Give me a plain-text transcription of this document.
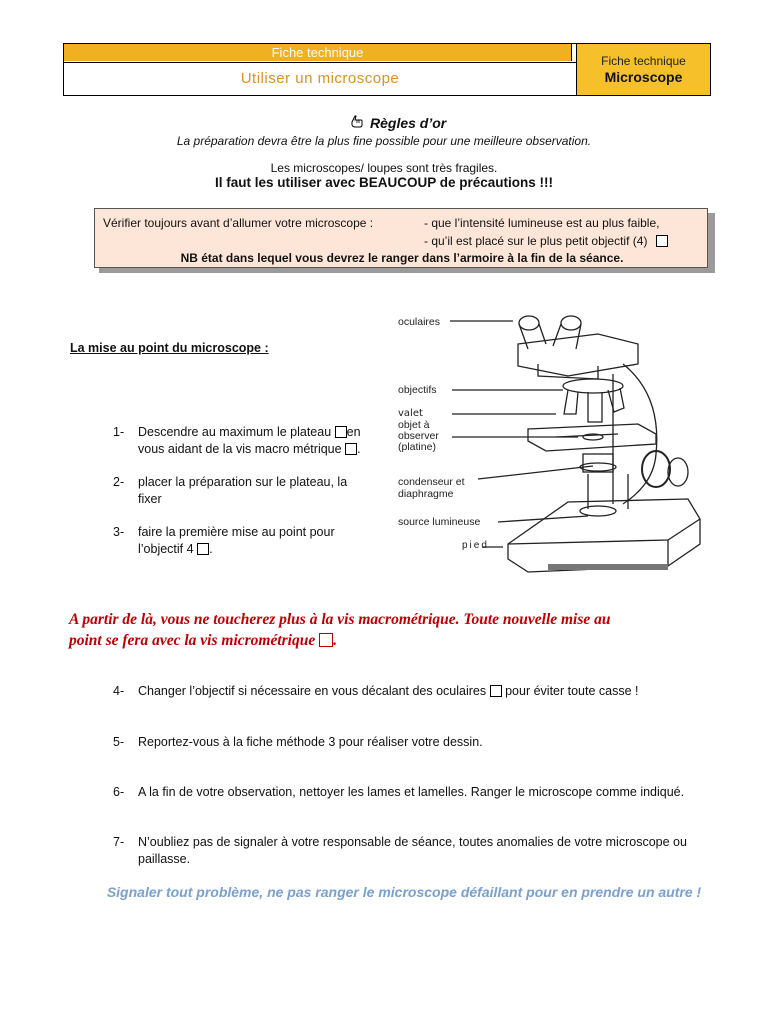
Fiche technique
Utiliser un microscope
Fiche technique
Microscope
Règles d’or
La préparation devra être la plus fine possible pour une meilleure observation.
Les microscopes/ loupes sont très fragiles.
Il faut les utiliser avec BEAUCOUP de précautions !!!
Vérifier toujours avant d’allumer votre microscope :	- que l’intensité lumineuse est au plus faible,
- qu’il est placé sur le plus petit objectif (4)
NB état dans lequel vous devrez le ranger dans l’armoire à la fin de la séance.
La mise au point du microscope :
1- Descendre au maximum le plateau en
vous aidant de la vis macro métrique .
2- placer la préparation sur le plateau, la
fixer
3- faire la première mise au point pour
l’objectif 4 .
oculaires
objectifs
valet
objet à
observer
(platine)
condenseur et
diaphragme
source lumineuse
pied
A partir de là, vous ne toucherez plus à la vis macrométrique. Toute nouvelle mise au
point se fera avec la vis micrométrique .
4- Changer l’objectif si nécessaire en vous décalant des oculaires pour éviter toute casse !
5- Reportez-vous à la fiche méthode 3 pour réaliser votre dessin.
6- A la fin de votre observation, nettoyer les lames et lamelles. Ranger le microscope comme indiqué.
7- N’oubliez pas de signaler à votre responsable de séance, toutes anomalies de votre microscope ou
paillasse.
Signaler tout problème, ne pas ranger le microscope défaillant pour en prendre un autre !
